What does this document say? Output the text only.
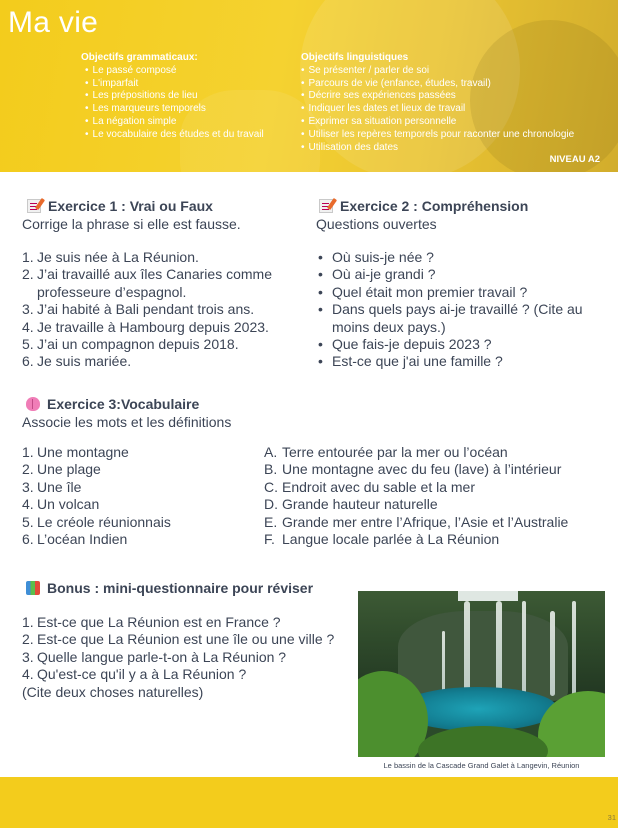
Ma vie
Objectifs grammaticaux:
• Le passé composé
• L'imparfait
• Les prépositions de lieu
• Les marqueurs temporels
• La négation simple
• Le vocabulaire des études et du travail
Objectifs linguistiques
• Se présenter / parler de soi
• Parcours de vie (enfance, études, travail)
• Décrire ses expériences passées
• Indiquer les dates et lieux de travail
• Exprimer sa situation personnelle
• Utiliser les repères temporels pour raconter une chronologie
• Utilisation des dates
NIVEAU A2
Exercice 1 : Vrai ou Faux
Corrige la phrase si elle est fausse.
1. Je suis née à La Réunion.
2. J’ai travaillé aux îles Canaries comme professeure d’espagnol.
3. J’ai habité à Bali pendant trois ans.
4. Je travaille à Hambourg depuis 2023.
5. J’ai un compagnon depuis 2018.
6. Je suis mariée.
Exercice 2 : Compréhension
Questions ouvertes
• Où suis-je née ?
• Où ai-je grandi ?
• Quel était mon premier travail ?
• Dans quels pays ai-je travaillé ? (Cite au moins deux pays.)
• Que fais-je depuis 2023 ?
• Est-ce que j'ai une famille ?
Exercice 3:Vocabulaire
Associe les mots et les définitions
1. Une montagne
2. Une plage
3. Une île
4. Un volcan
5. Le créole réunionnais
6. L’océan Indien
A. Terre entourée par la mer ou l’océan
B. Une montagne avec du feu (lave) à l’intérieur
C. Endroit avec du sable et la mer
D. Grande hauteur naturelle
E. Grande mer entre l’Afrique, l’Asie et l’Australie
F. Langue locale parlée à La Réunion
Bonus : mini-questionnaire pour réviser
1. Est-ce que La Réunion est en France ?
2. Est-ce que La Réunion est une île ou une ville ?
3. Quelle langue parle-t-on à La Réunion ?
4. Qu'est-ce qu'il y a à La Réunion ?
(Cite deux choses naturelles)
Le bassin de la Cascade Grand Galet à Langevin, Réunion
31
